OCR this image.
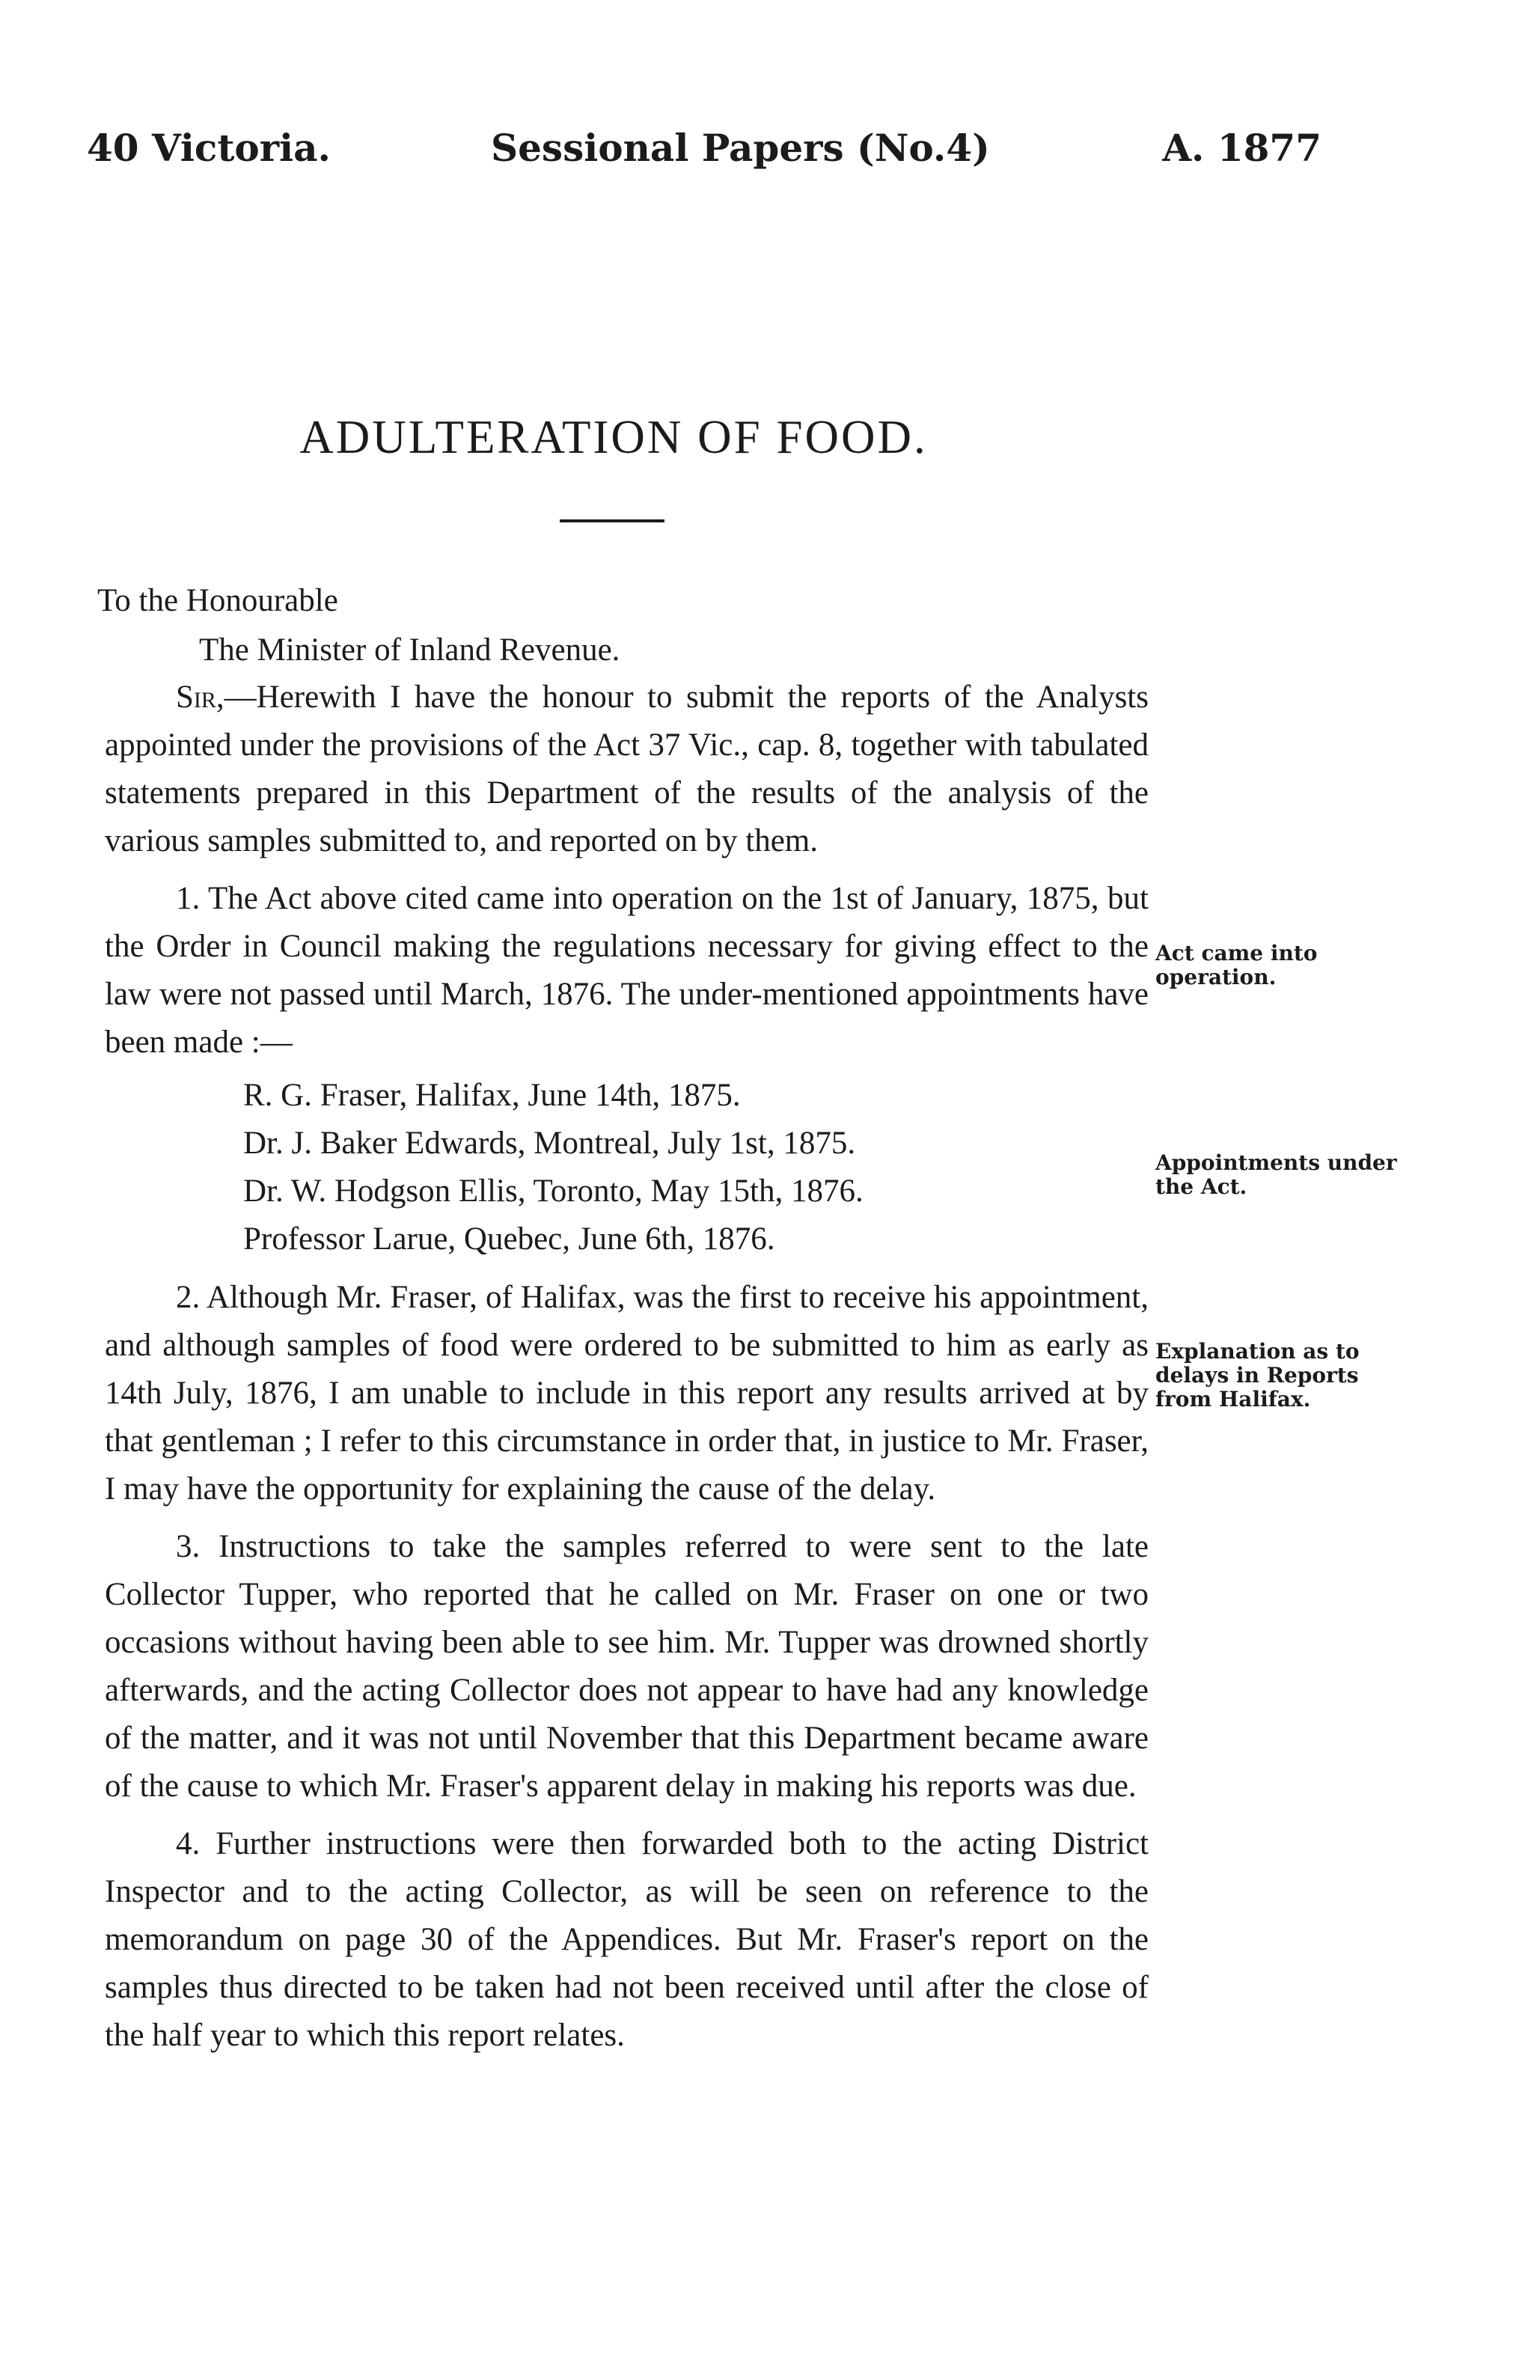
40 Victoria.	Sessional Papers (No.4)	A. 1877
ADULTERATION OF FOOD.
To the Honourable
The Minister of Inland Revenue.

Sir,—Herewith I have the honour to submit the reports of the Analysts appointed under the provisions of the Act 37 Vic., cap. 8, together with tabulated statements prepared in this Department of the results of the analysis of the various samples submitted to, and reported on by them.

1. The Act above cited came into operation on the 1st of January, 1875, but the Order in Council making the regulations necessary for giving effect to the law were not passed until March, 1876. The under-mentioned appointments have been made :—

R. G. Fraser, Halifax, June 14th, 1875.
Dr. J. Baker Edwards, Montreal, July 1st, 1875.
Dr. W. Hodgson Ellis, Toronto, May 15th, 1876.
Professor Larue, Quebec, June 6th, 1876.

2. Although Mr. Fraser, of Halifax, was the first to receive his appointment, and although samples of food were ordered to be submitted to him as early as 14th July, 1876, I am unable to include in this report any results arrived at by that gentleman ; I refer to this circumstance in order that, in justice to Mr. Fraser, I may have the opportunity for explaining the cause of the delay.

3. Instructions to take the samples referred to were sent to the late Collector Tupper, who reported that he called on Mr. Fraser on one or two occasions without having been able to see him. Mr. Tupper was drowned shortly afterwards, and the acting Collector does not appear to have had any knowledge of the matter, and it was not until November that this Department became aware of the cause to which Mr. Fraser's apparent delay in making his reports was due.

4. Further instructions were then forwarded both to the acting District Inspector and to the acting Collector, as will be seen on reference to the memorandum on page 30 of the Appendices. But Mr. Fraser's report on the samples thus directed to be taken had not been received until after the close of the half year to which this report relates.

Act came into operation.
Appointments under the Act.
Explanation as to delays in Reports from Halifax.
